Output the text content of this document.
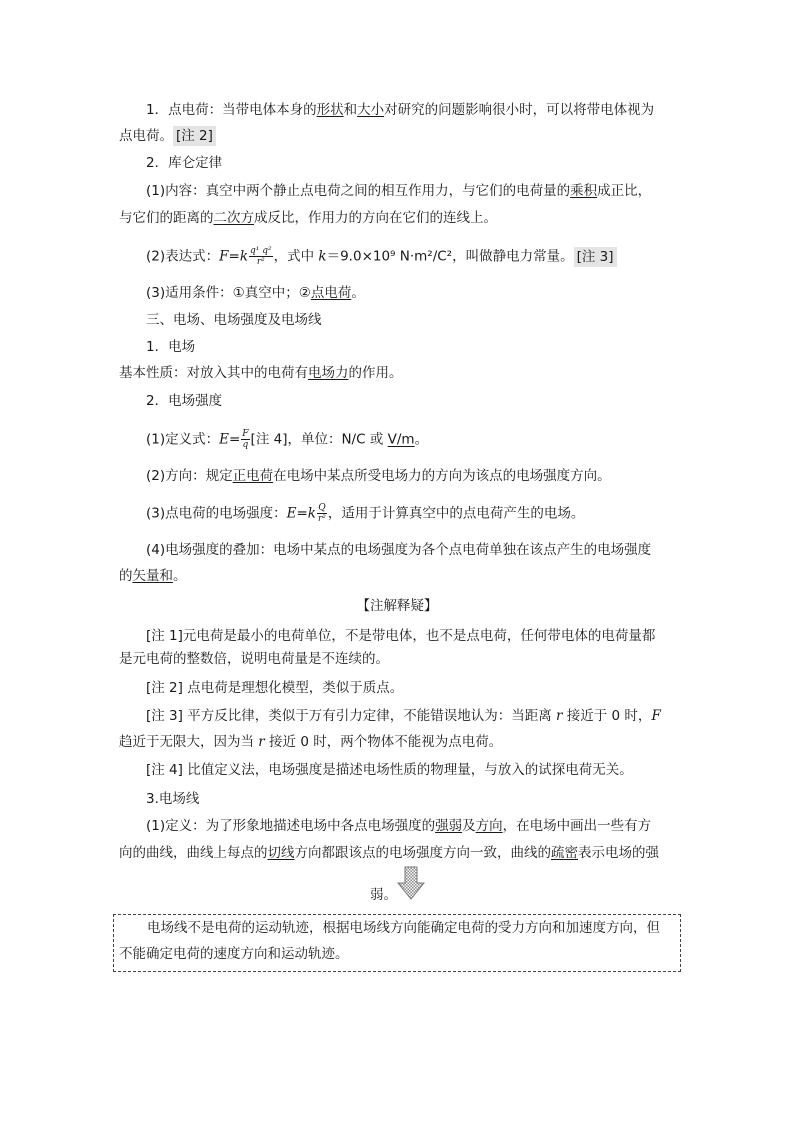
1．点电荷：当带电体本身的形状和大小对研究的问题影响很小时，可以将带电体视为
点电荷。 [注 2]
2．库仑定律
(1)内容：真空中两个静止点电荷之间的相互作用力，与它们的电荷量的乘积成正比，
与它们的距离的二次方成反比，作用力的方向在它们的连线上。
(2)表达式：$F=k \frac{\text{q¹ q²}}{\text{r²}}$ ，式中 k＝9.0×10⁹ N·m²/C²，叫做静电力常量。 [注 3]
(3)适用条件：①真空中；②点电荷。
三、电场、电场强度及电场线
1．电场
基本性质：对放入其中的电荷有电场力的作用。
2．电场强度
(1)定义式：$E= \frac{F}{q}$ [注 4]，单位：N/C 或 V/m。
(2)方向：规定正电荷在电场中某点所受电场力的方向为该点的电场强度方向。
(3)点电荷的电场强度：$E=k \frac{Q}{\text{r²}}$ ，适用于计算真空中的点电荷产生的电场。
(4)电场强度的叠加：电场中某点的电场强度为各个点电荷单独在该点产生的电场强度
的矢量和。
【注解释疑】
[注 1]元电荷是最小的电荷单位，不是带电体，也不是点电荷，任何带电体的电荷量都
是元电荷的整数倍，说明电荷量是不连续的。
[注 2] 点电荷是理想化模型，类似于质点。
[注 3] 平方反比律，类似于万有引力定律，不能错误地认为：当距离 r 接近于 0 时，F
趋近于无限大，因为当 r 接近 0 时，两个物体不能视为点电荷。
[注 4] 比值定义法，电场强度是描述电场性质的物理量，与放入的试探电荷无关。
3.电场线
(1)定义：为了形象地描述电场中各点电场强度的强弱及方向，在电场中画出一些有方
向的曲线，曲线上每点的切线方向都跟该点的电场强度方向一致，曲线的疏密表示电场的强
弱。
电场线不是电荷的运动轨迹，根据电场线方向能确定电荷的受力方向和加速度方向，但
不能确定电荷的速度方向和运动轨迹。
